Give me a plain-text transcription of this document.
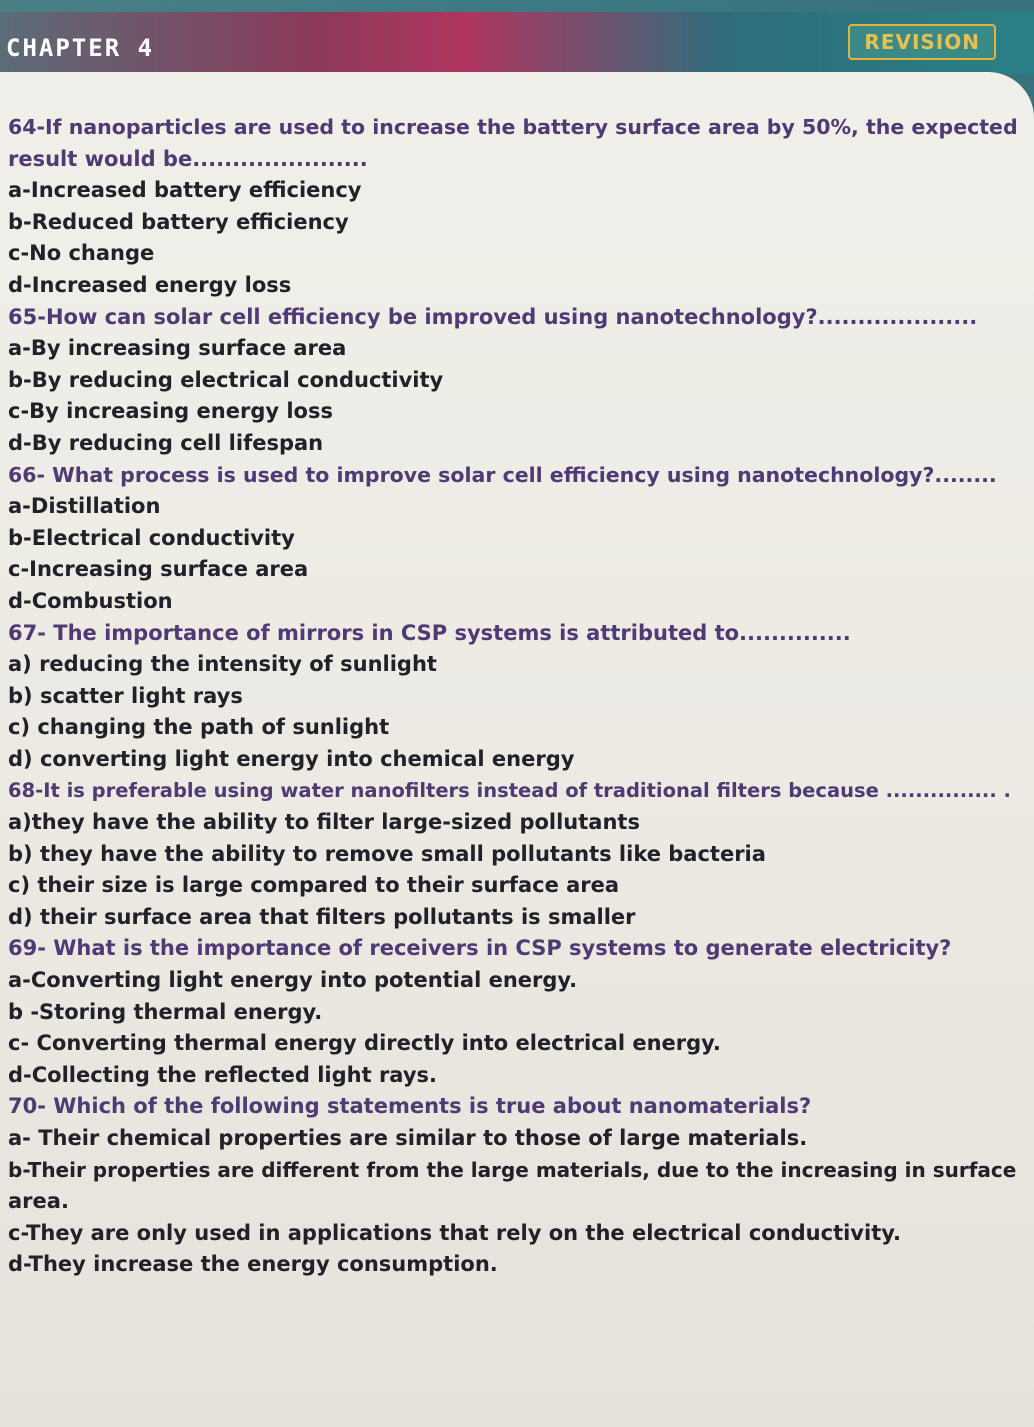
CHAPTER 4	REVISION
64-If nanoparticles are used to increase the battery surface area by 50%, the expected
result would be......................
a-Increased battery efficiency
b-Reduced battery efficiency
c-No change
d-Increased energy loss
65-How can solar cell efficiency be improved using nanotechnology?....................
a-By increasing surface area
b-By reducing electrical conductivity
c-By increasing energy loss
d-By reducing cell lifespan
66- What process is used to improve solar cell efficiency using nanotechnology?........
a-Distillation
b-Electrical conductivity
c-Increasing surface area
d-Combustion
67- The importance of mirrors in CSP systems is attributed to..............
a) reducing the intensity of sunlight
b) scatter light rays
c) changing the path of sunlight
d) converting light energy into chemical energy
68-It is preferable using water nanofilters instead of traditional filters because ............... .
a)they have the ability to filter large-sized pollutants
b) they have the ability to remove small pollutants like bacteria
c) their size is large compared to their surface area
d) their surface area that filters pollutants is smaller
69- What is the importance of receivers in CSP systems to generate electricity?
a-Converting light energy into potential energy.
b -Storing thermal energy.
c- Converting thermal energy directly into electrical energy.
d-Collecting the reflected light rays.
70- Which of the following statements is true about nanomaterials?
a- Their chemical properties are similar to those of large materials.
b-Their properties are different from the large materials, due to the increasing in surface
area.
c-They are only used in applications that rely on the electrical conductivity.
d-They increase the energy consumption.
